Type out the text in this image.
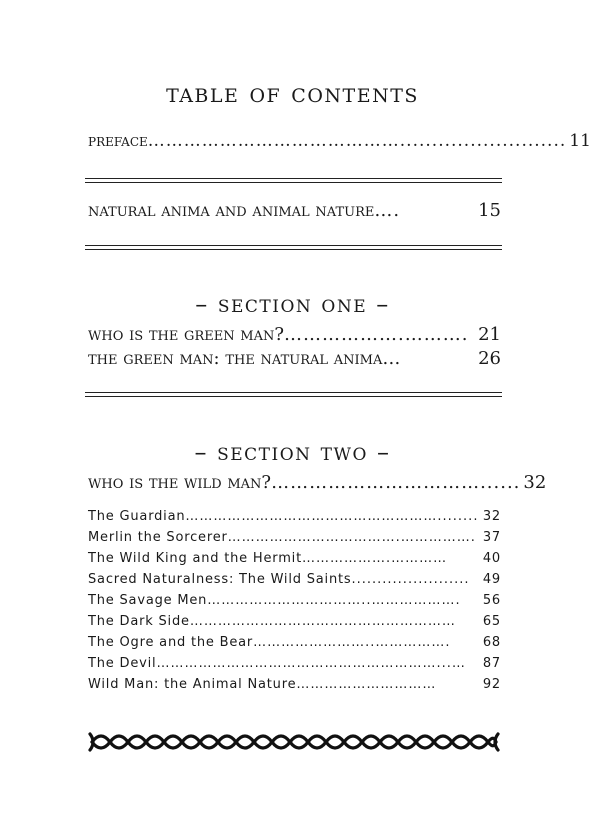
table of contents
preface …………………………………….......................... 11
natural anima and animal nature ….	15
– section one –
who is the green man? ……………….………. 21
the green man: the natural anima …	26
– section two –
who is the wild man? ……………………………...... 32
The Guardian ………………………………………………........ 32
Merlin the Sorcerer ……………………………….……………. 37
The Wild King and the Hermit ……………….…………	40
Sacred Naturalness: The Wild Saints .......................	49
The Savage Men ……………………………..……………….	56
The Dark Side …………………………………………………	65
The Ogre and the Bear ……………………..…………….	68
The Devil ……………………………………………………...…	87
Wild Man: the Animal Nature …………………………	92
